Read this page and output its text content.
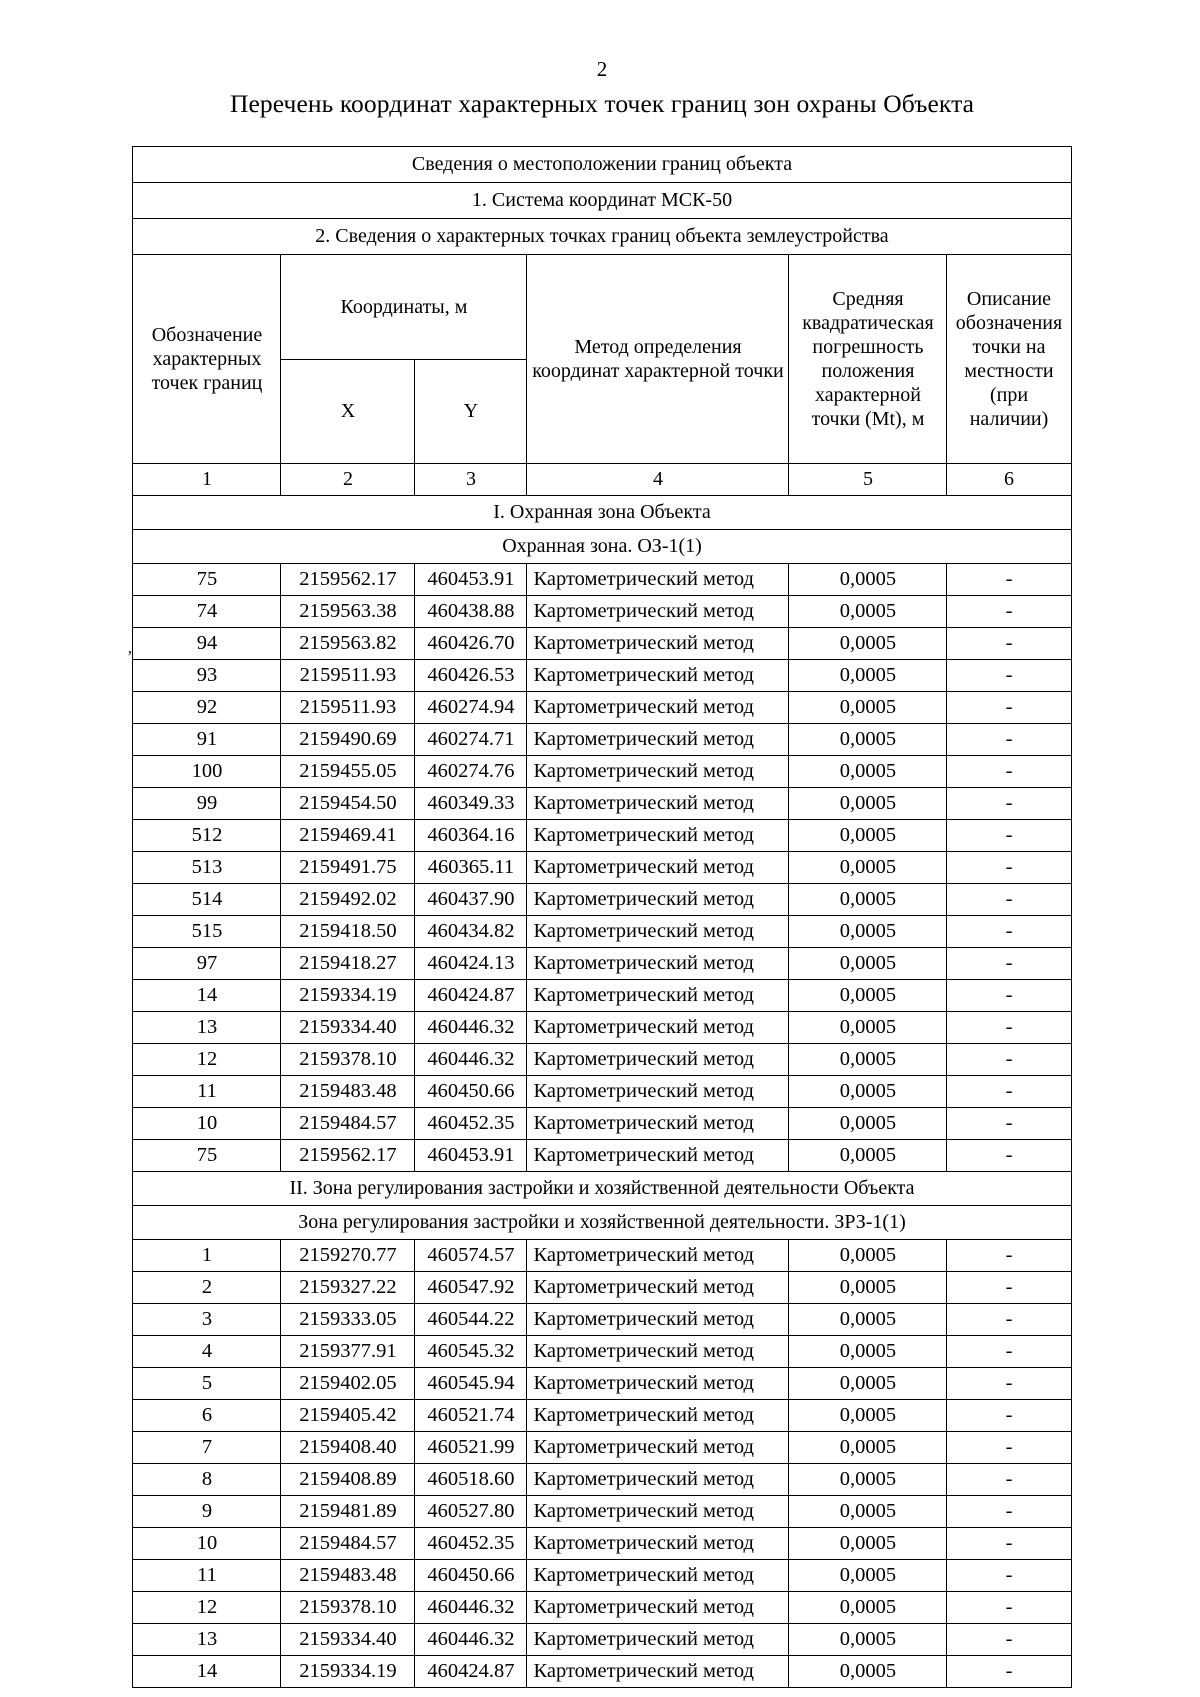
2
Перечень координат характерных точек границ зон охраны Объекта
Сведения о местоположении границ объекта					
1. Система координат МСК-50					
2. Сведения о характерных точках границ объекта землеустройства					
Обозначение характерных точек границ	Координаты, м		Метод определения координат характерной точки	Средняя квадратическая погрешность положения характерной точки (Mt), м	Описание обозначения точки на местности (при наличии)
	X	Y			
1	2	3	4	5	6
I. Охранная зона Объекта					
Охранная зона. ОЗ-1(1)					
75	2159562.17	460453.91	Картометрический метод	0,0005	-
74	2159563.38	460438.88	Картометрический метод	0,0005	-
94	2159563.82	460426.70	Картометрический метод	0,0005	-
93	2159511.93	460426.53	Картометрический метод	0,0005	-
92	2159511.93	460274.94	Картометрический метод	0,0005	-
91	2159490.69	460274.71	Картометрический метод	0,0005	-
100	2159455.05	460274.76	Картометрический метод	0,0005	-
99	2159454.50	460349.33	Картометрический метод	0,0005	-
512	2159469.41	460364.16	Картометрический метод	0,0005	-
513	2159491.75	460365.11	Картометрический метод	0,0005	-
514	2159492.02	460437.90	Картометрический метод	0,0005	-
515	2159418.50	460434.82	Картометрический метод	0,0005	-
97	2159418.27	460424.13	Картометрический метод	0,0005	-
14	2159334.19	460424.87	Картометрический метод	0,0005	-
13	2159334.40	460446.32	Картометрический метод	0,0005	-
12	2159378.10	460446.32	Картометрический метод	0,0005	-
11	2159483.48	460450.66	Картометрический метод	0,0005	-
10	2159484.57	460452.35	Картометрический метод	0,0005	-
75	2159562.17	460453.91	Картометрический метод	0,0005	-
II. Зона регулирования застройки и хозяйственной деятельности Объекта					
Зона регулирования застройки и хозяйственной деятельности. ЗРЗ-1(1)					
1	2159270.77	460574.57	Картометрический метод	0,0005	-
2	2159327.22	460547.92	Картометрический метод	0,0005	-
3	2159333.05	460544.22	Картометрический метод	0,0005	-
4	2159377.91	460545.32	Картометрический метод	0,0005	-
5	2159402.05	460545.94	Картометрический метод	0,0005	-
6	2159405.42	460521.74	Картометрический метод	0,0005	-
7	2159408.40	460521.99	Картометрический метод	0,0005	-
8	2159408.89	460518.60	Картометрический метод	0,0005	-
9	2159481.89	460527.80	Картометрический метод	0,0005	-
10	2159484.57	460452.35	Картометрический метод	0,0005	-
11	2159483.48	460450.66	Картометрический метод	0,0005	-
12	2159378.10	460446.32	Картометрический метод	0,0005	-
13	2159334.40	460446.32	Картометрический метод	0,0005	-
14	2159334.19	460424.87	Картометрический метод	0,0005	-
’
